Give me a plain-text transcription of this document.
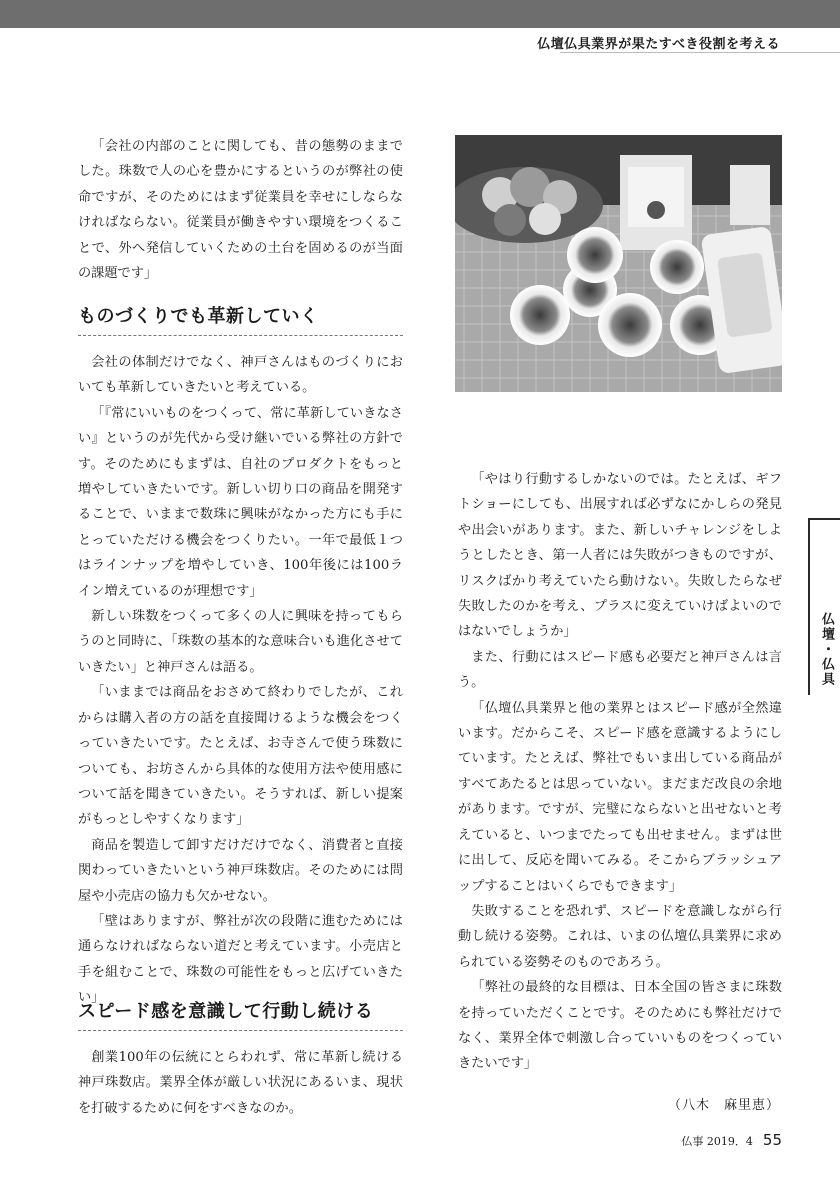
仏壇仏具業界が果たすべき役割を考える

「会社の内部のことに関しても、昔の態勢のままでした。珠数で人の心を豊かにするというのが弊社の使命ですが、そのためにはまず従業員を幸せにしならなければならない。従業員が働きやすい環境をつくることで、外へ発信していくための土台を固めるのが当面の課題です」

ものづくりでも革新していく

会社の体制だけでなく、神戸さんはものづくりにおいても革新していきたいと考えている。

「『常にいいものをつくって、常に革新していきなさい』というのが先代から受け継いでいる弊社の方針です。そのためにもまずは、自社のプロダクトをもっと増やしていきたいです。新しい切り口の商品を開発することで、いままで数珠に興味がなかった方にも手にとっていただける機会をつくりたい。一年で最低１つはラインナップを増やしていき、100年後には100ライン増えているのが理想です」

新しい珠数をつくって多くの人に興味を持ってもらうのと同時に、「珠数の基本的な意味合いも進化させていきたい」と神戸さんは語る。

「いままでは商品をおさめて終わりでしたが、これからは購入者の方の話を直接聞けるような機会をつくっていきたいです。たとえば、お寺さんで使う珠数についても、お坊さんから具体的な使用方法や使用感について話を聞きていきたい。そうすれば、新しい提案がもっとしやすくなります」

商品を製造して卸すだけだけでなく、消費者と直接関わっていきたいという神戸珠数店。そのためには問屋や小売店の協力も欠かせない。

「壁はありますが、弊社が次の段階に進むためには通らなければならない道だと考えています。小売店と手を組むことで、珠数の可能性をもっと広げていきたい」

スピード感を意識して行動し続ける

創業100年の伝統にとらわれず、常に革新し続ける神戸珠数店。業界全体が厳しい状況にあるいま、現状を打破するために何をすべきなのか。

「やはり行動するしかないのでは。たとえば、ギフトショーにしても、出展すれば必ずなにかしらの発見や出会いがあります。また、新しいチャレンジをしようとしたとき、第一人者には失敗がつきものですが、リスクばかり考えていたら動けない。失敗したらなぜ失敗したのかを考え、プラスに変えていけばよいのではないでしょうか」

また、行動にはスピード感も必要だと神戸さんは言う。

「仏壇仏具業界と他の業界とはスピード感が全然違います。だからこそ、スピード感を意識するようにしています。たとえば、弊社でもいま出している商品がすべてあたるとは思っていない。まだまだ改良の余地があります。ですが、完璧にならないと出せないと考えていると、いつまでたっても出せません。まずは世に出して、反応を聞いてみる。そこからブラッシュアップすることはいくらでもできます」

失敗することを恐れず、スピードを意識しながら行動し続ける姿勢。これは、いまの仏壇仏具業界に求められている姿勢そのものであろう。

「弊社の最終的な目標は、日本全国の皆さまに珠数を持っていただくことです。そのためにも弊社だけでなく、業界全体で刺激し合っていいものをつくっていきたいです」

（八木　麻里恵）
仏壇・仏具
仏事 2019．4 55
